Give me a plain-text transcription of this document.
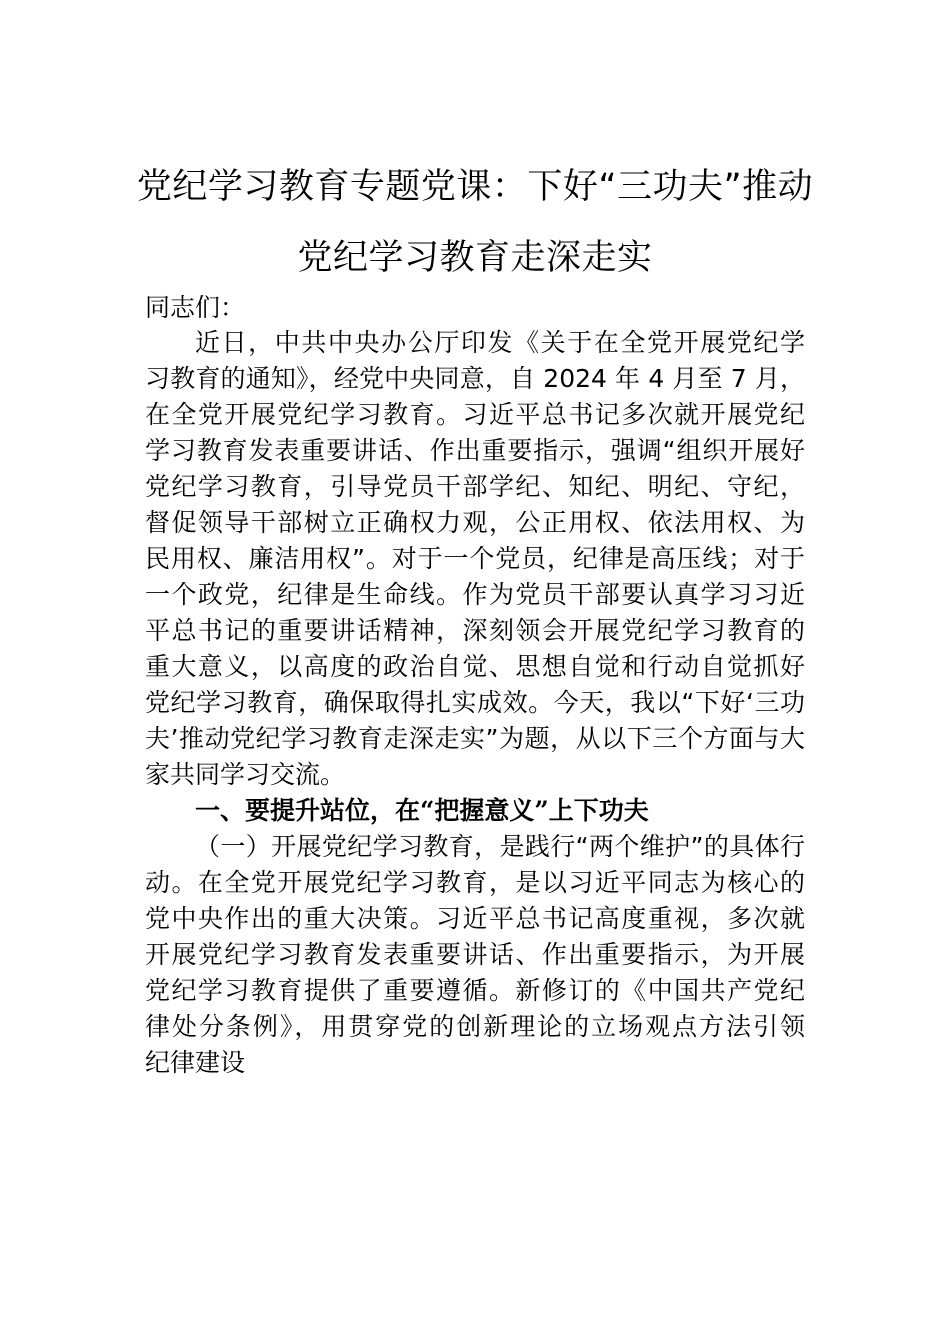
党纪学习教育专题党课：下好“三功夫”推动
党纪学习教育走深走实

同志们：

近日，中共中央办公厅印发《关于在全党开展党纪学

习教育的通知》，经党中央同意，自 2024 年 4 月至 7 月，

在全党开展党纪学习教育。习近平总书记多次就开展党纪

学习教育发表重要讲话、作出重要指示，强调“组织开展好

党纪学习教育，引导党员干部学纪、知纪、明纪、守纪，

督促领导干部树立正确权力观，公正用权、依法用权、为

民用权、廉洁用权”。对于一个党员，纪律是高压线；对于

一个政党，纪律是生命线。作为党员干部要认真学习习近

平总书记的重要讲话精神，深刻领会开展党纪学习教育的

重大意义，以高度的政治自觉、思想自觉和行动自觉抓好

党纪学习教育，确保取得扎实成效。今天，我以“下好‘三功

夫’推动党纪学习教育走深走实”为题，从以下三个方面与大

家共同学习交流。

一、要提升站位，在“把握意义”上下功夫

（一）开展党纪学习教育，是践行“两个维护”的具体行

动。在全党开展党纪学习教育，是以习近平同志为核心的

党中央作出的重大决策。习近平总书记高度重视，多次就

开展党纪学习教育发表重要讲话、作出重要指示，为开展

党纪学习教育提供了重要遵循。新修订的《中国共产党纪

律处分条例》，用贯穿党的创新理论的立场观点方法引领

纪律建设
